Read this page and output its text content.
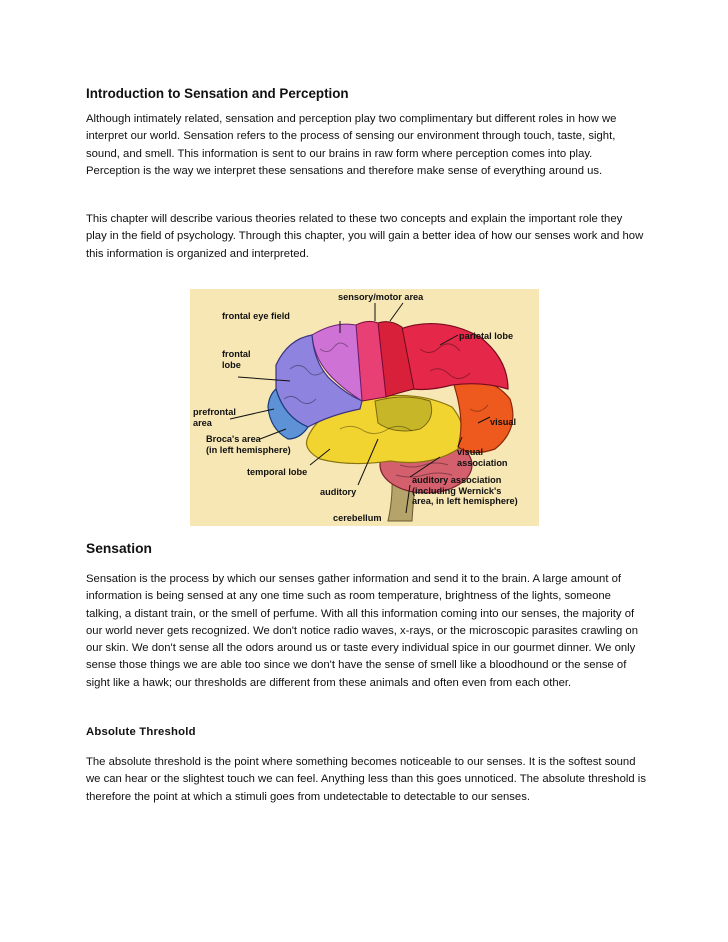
Introduction to Sensation and Perception

Although intimately related, sensation and perception play two complimentary but different roles in how we interpret our world. Sensation refers to the process of sensing our environment through touch, taste, sight, sound, and smell. This information is sent to our brains in raw form where perception comes into play. Perception is the way we interpret these sensations and therefore make sense of everything around us.

This chapter will describe various theories related to these two concepts and explain the important role they play in the field of psychology. Through this chapter, you will gain a better idea of how our senses work and how this information is organized and interpreted.

sensory/motor area
frontal eye field
parietal lobe
frontal
lobe
prefrontal
area
Broca's area
(in left hemisphere)
visual
visual
association
temporal lobe
auditory
auditory association
(including Wernick's
area, in left hemisphere)
cerebellum
Sensation

Sensation is the process by which our senses gather information and send it to the brain. A large amount of information is being sensed at any one time such as room temperature, brightness of the lights, someone talking, a distant train, or the smell of perfume. With all this information coming into our senses, the majority of our world never gets recognized. We don't notice radio waves, x-rays, or the microscopic parasites crawling on our skin. We don't sense all the odors around us or taste every individual spice in our gourmet dinner. We only sense those things we are able too since we don't have the sense of smell like a bloodhound or the sense of sight like a hawk; our thresholds are different from these animals and often even from each other.

Absolute Threshold

The absolute threshold is the point where something becomes noticeable to our senses. It is the softest sound we can hear or the slightest touch we can feel. Anything less than this goes unnoticed. The absolute threshold is therefore the point at which a stimuli goes from undetectable to detectable to our senses.
